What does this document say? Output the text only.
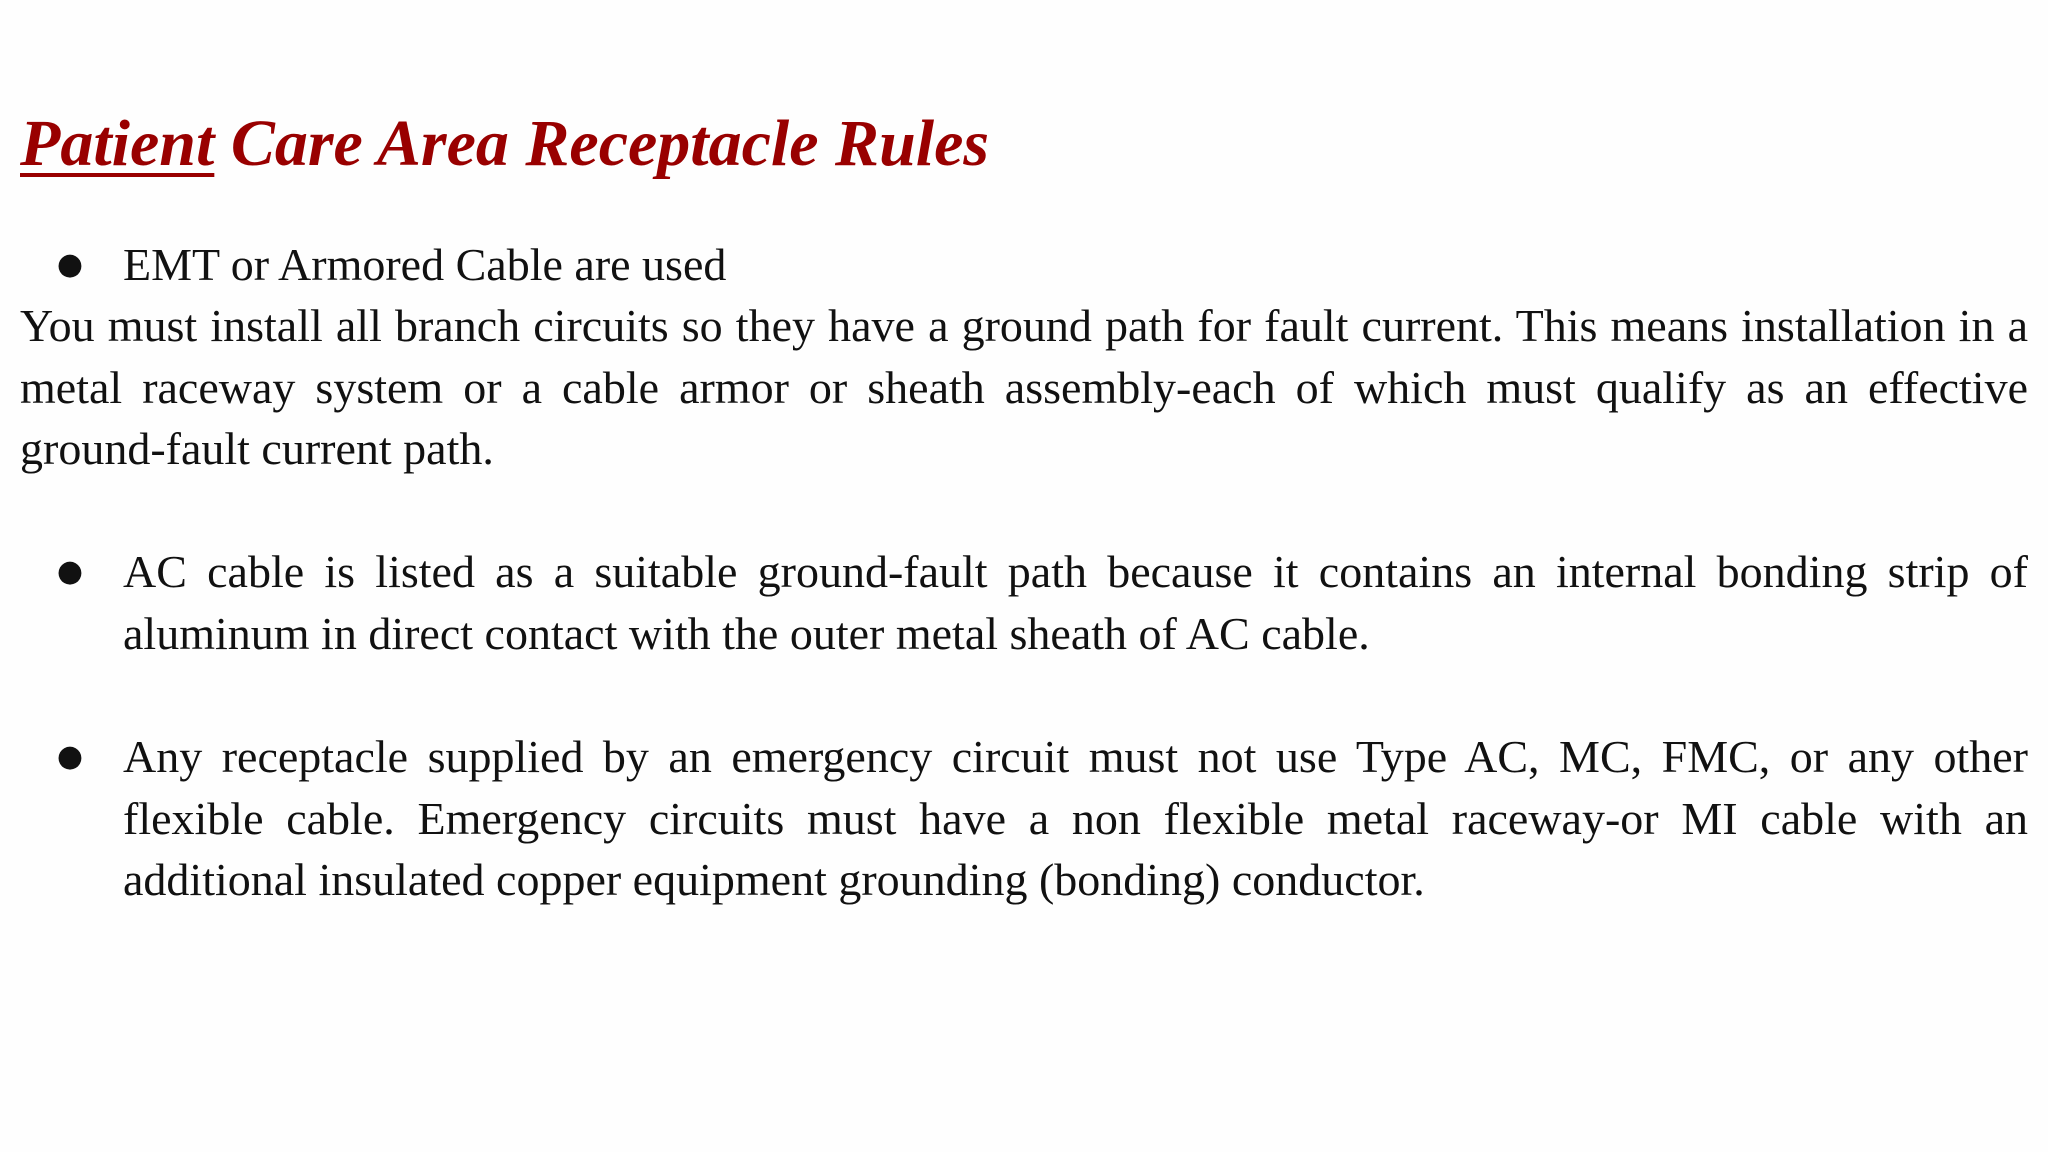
Patient Care Area Receptacle Rules
● EMT or Armored Cable are used

You must install all branch circuits so they have a ground path for fault current. This means installation in a metal raceway system or a cable armor or sheath assembly-each of which must qualify as an effective ground-fault current path.

● AC cable is listed as a suitable ground-fault path because it contains an internal bonding strip of aluminum in direct contact with the outer metal sheath of AC cable.
● Any receptacle supplied by an emergency circuit must not use Type AC, MC, FMC, or any other flexible cable. Emergency circuits must have a non flexible metal raceway-or MI cable with an additional insulated copper equipment grounding (bonding) conductor.
